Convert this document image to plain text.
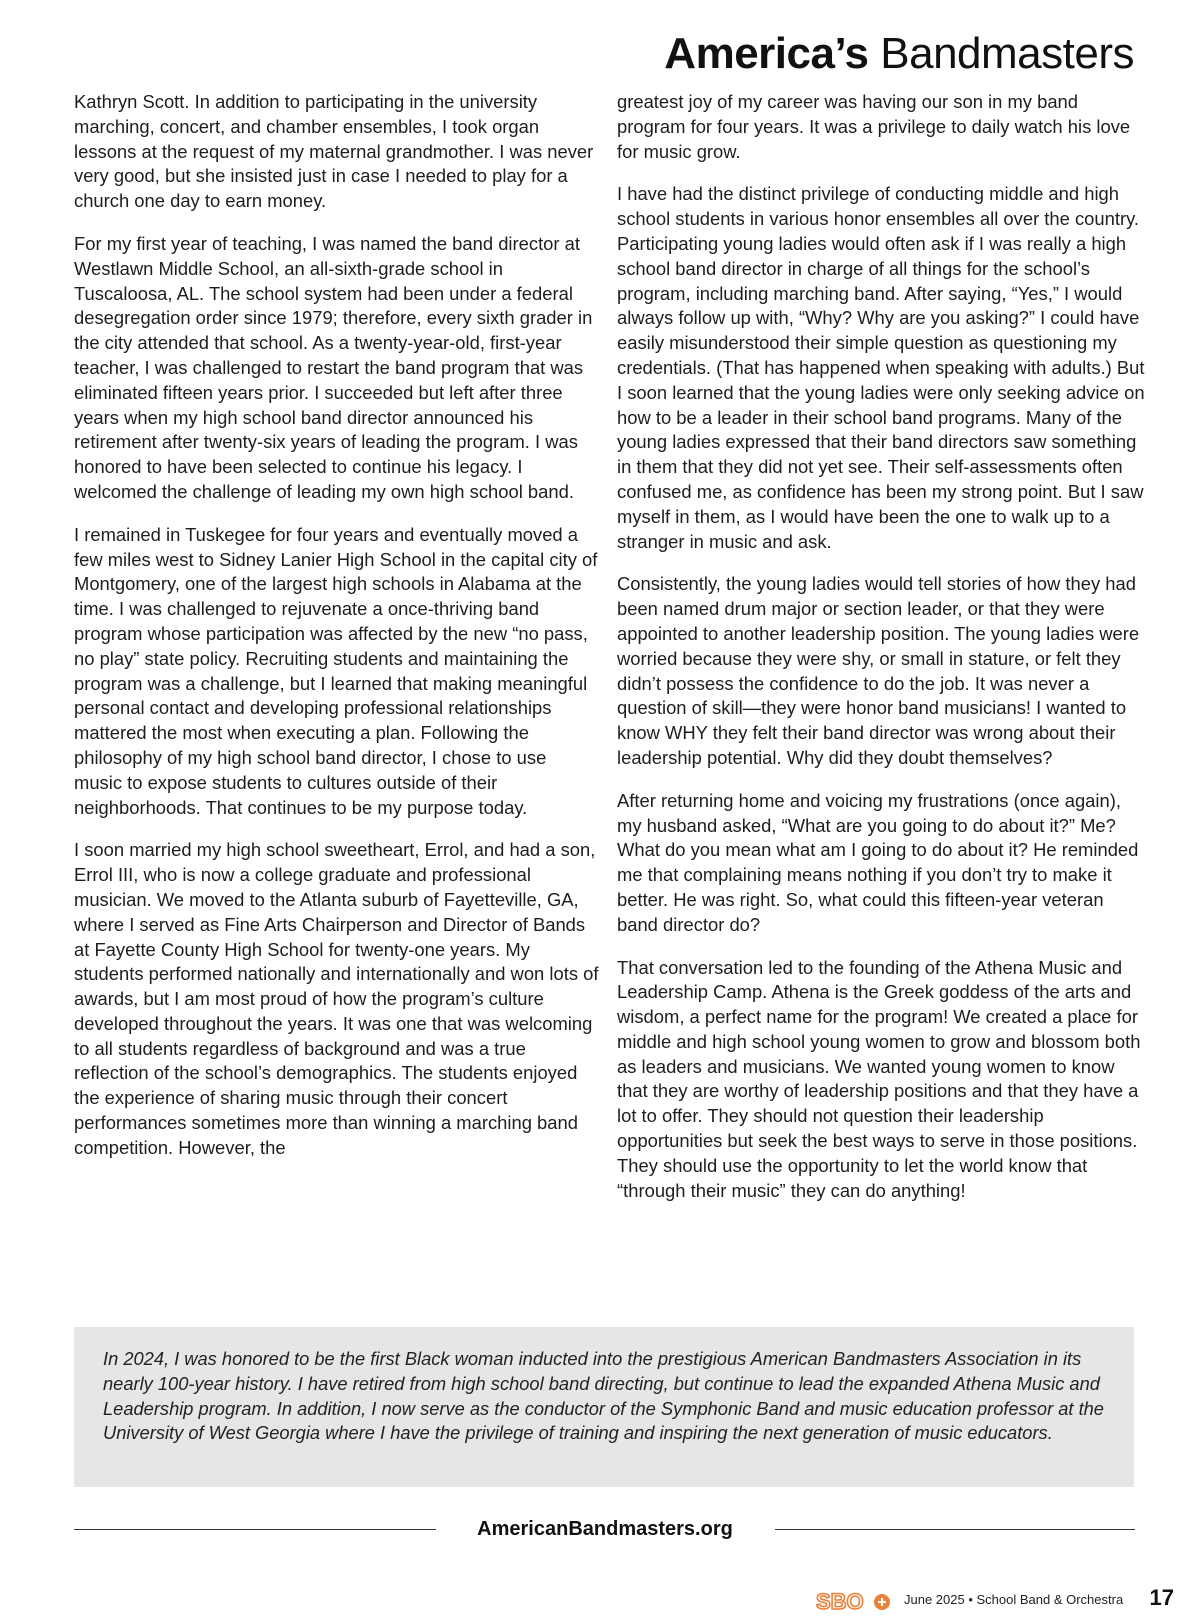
America’s Bandmasters

Kathryn Scott. In addition to participating in the university marching, concert, and chamber ensembles, I took organ lessons at the request of my maternal grandmother. I was never very good, but she insisted just in case I needed to play for a church one day to earn money.

For my first year of teaching, I was named the band director at Westlawn Middle School, an all-sixth-grade school in Tuscaloosa, AL. The school system had been under a federal desegregation order since 1979; therefore, every sixth grader in the city attended that school. As a twenty-year-old, first-year teacher, I was challenged to restart the band program that was eliminated fifteen years prior. I succeeded but left after three years when my high school band director announced his retirement after twenty-six years of leading the program. I was honored to have been selected to continue his legacy. I welcomed the challenge of leading my own high school band.

I remained in Tuskegee for four years and eventually moved a few miles west to Sidney Lanier High School in the capital city of Montgomery, one of the largest high schools in Alabama at the time. I was challenged to rejuvenate a once-thriving band program whose participation was affected by the new “no pass, no play” state policy. Recruiting students and maintaining the program was a challenge, but I learned that making meaningful personal contact and developing professional relationships mattered the most when executing a plan. Following the philosophy of my high school band director, I chose to use music to expose students to cultures outside of their neighborhoods. That continues to be my purpose today.

I soon married my high school sweetheart, Errol, and had a son, Errol III, who is now a college graduate and professional musician. We moved to the Atlanta suburb of Fayetteville, GA, where I served as Fine Arts Chairperson and Director of Bands at Fayette County High School for twenty-one years. My students performed nationally and internationally and won lots of awards, but I am most proud of how the program’s culture developed throughout the years. It was one that was welcoming to all students regardless of background and was a true reflection of the school’s demographics. The students enjoyed the experience of sharing music through their concert performances sometimes more than winning a marching band competition. However, the

greatest joy of my career was having our son in my band program for four years. It was a privilege to daily watch his love for music grow.

I have had the distinct privilege of conducting middle and high school students in various honor ensembles all over the country. Participating young ladies would often ask if I was really a high school band director in charge of all things for the school’s program, including marching band. After saying, “Yes,” I would always follow up with, “Why? Why are you asking?” I could have easily misunderstood their simple question as questioning my credentials. (That has happened when speaking with adults.) But I soon learned that the young ladies were only seeking advice on how to be a leader in their school band programs. Many of the young ladies expressed that their band directors saw something in them that they did not yet see. Their self-assessments often confused me, as confidence has been my strong point. But I saw myself in them, as I would have been the one to walk up to a stranger in music and ask.

Consistently, the young ladies would tell stories of how they had been named drum major or section leader, or that they were appointed to another leadership position. The young ladies were worried because they were shy, or small in stature, or felt they didn’t possess the confidence to do the job. It was never a question of skill—they were honor band musicians! I wanted to know WHY they felt their band director was wrong about their leadership potential. Why did they doubt themselves?

After returning home and voicing my frustrations (once again), my husband asked, “What are you going to do about it?” Me? What do you mean what am I going to do about it? He reminded me that complaining means nothing if you don’t try to make it better. He was right. So, what could this fifteen-year veteran band director do?

That conversation led to the founding of the Athena Music and Leadership Camp. Athena is the Greek goddess of the arts and wisdom, a perfect name for the program! We created a place for middle and high school young women to grow and blossom both as leaders and musicians. We wanted young women to know that they are worthy of leadership positions and that they have a lot to offer. They should not question their leadership opportunities but seek the best ways to serve in those positions. They should use the opportunity to let the world know that “through their music” they can do anything!

In 2024, I was honored to be the first Black woman inducted into the prestigious American Bandmasters Association in its nearly 100-year history. I have retired from high school band directing, but continue to lead the expanded Athena Music and Leadership program. In addition, I now serve as the conductor of the Symphonic Band and music education professor at the University of West Georgia where I have the privilege of training and inspiring the next generation of music educators.

AmericanBandmasters.org
SBO	June 2025 • School Band & Orchestra 17
